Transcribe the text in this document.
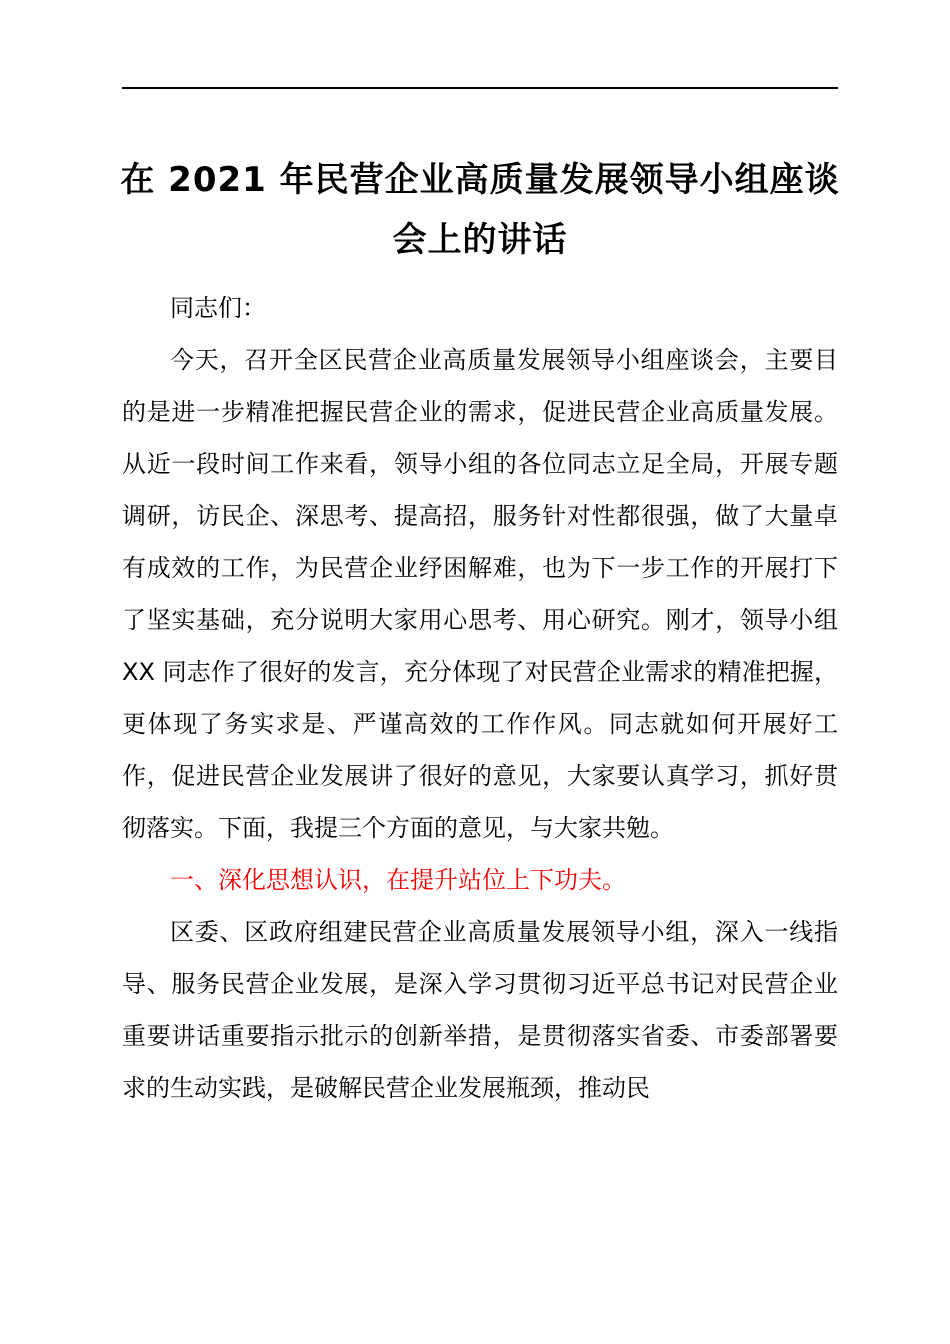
在 2021 年民营企业高质量发展领导小组座谈
会上的讲话

同志们：

今天，召开全区民营企业高质量发展领导小组座谈会，主要目的是进一步精准把握民营企业的需求，促进民营企业高质量发展。从近一段时间工作来看，领导小组的各位同志立足全局，开展专题调研，访民企、深思考、提高招，服务针对性都很强，做了大量卓有成效的工作，为民营企业纾困解难，也为下一步工作的开展打下了坚实基础，充分说明大家用心思考、用心研究。刚才，领导小组 XX 同志作了很好的发言，充分体现了对民营企业需求的精准把握，更体现了务实求是、严谨高效的工作作风。同志就如何开展好工作，促进民营企业发展讲了很好的意见，大家要认真学习，抓好贯彻落实。下面，我提三个方面的意见，与大家共勉。

一、深化思想认识，在提升站位上下功夫。

区委、区政府组建民营企业高质量发展领导小组，深入一线指导、服务民营企业发展，是深入学习贯彻习近平总书记对民营企业重要讲话重要指示批示的创新举措，是贯彻落实省委、市委部署要求的生动实践，是破解民营企业发展瓶颈，推动民
